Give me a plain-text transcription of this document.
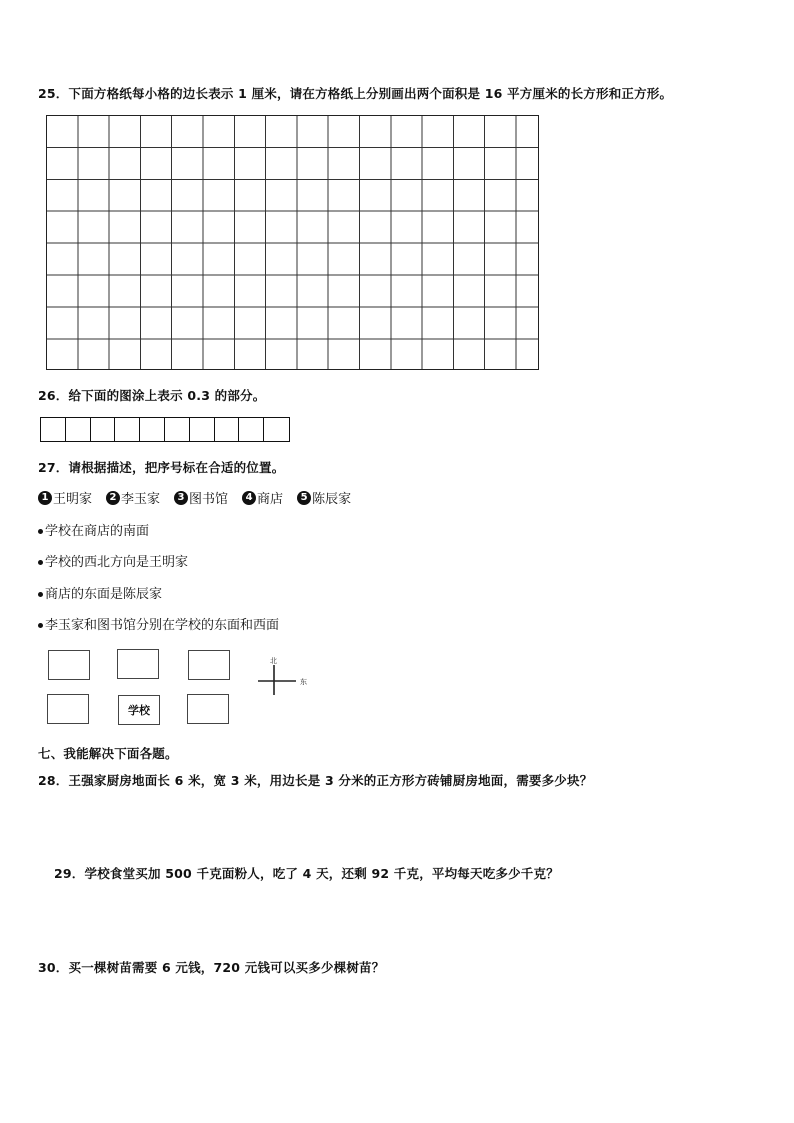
25．下面方格纸每小格的边长表示 1 厘米，请在方格纸上分别画出两个面积是 16 平方厘米的长方形和正方形。
26．给下面的图涂上表示 0.3 的部分。
27．请根据描述，把序号标在合适的位置。
1 王明家	2 李玉家	3 图书馆	4 商店	5 陈辰家
学校在商店的南面
学校的西北方向是王明家
商店的东面是陈辰家
李玉家和图书馆分别在学校的东面和西面
学校
北
东
七、我能解决下面各题。
28．王强家厨房地面长 6 米，宽 3 米，用边长是 3 分米的正方形方砖铺厨房地面，需要多少块？
29．学校食堂买加 500 千克面粉人，吃了 4 天，还剩 92 千克，平均每天吃多少千克？
30．买一棵树苗需要 6 元钱，720 元钱可以买多少棵树苗？
